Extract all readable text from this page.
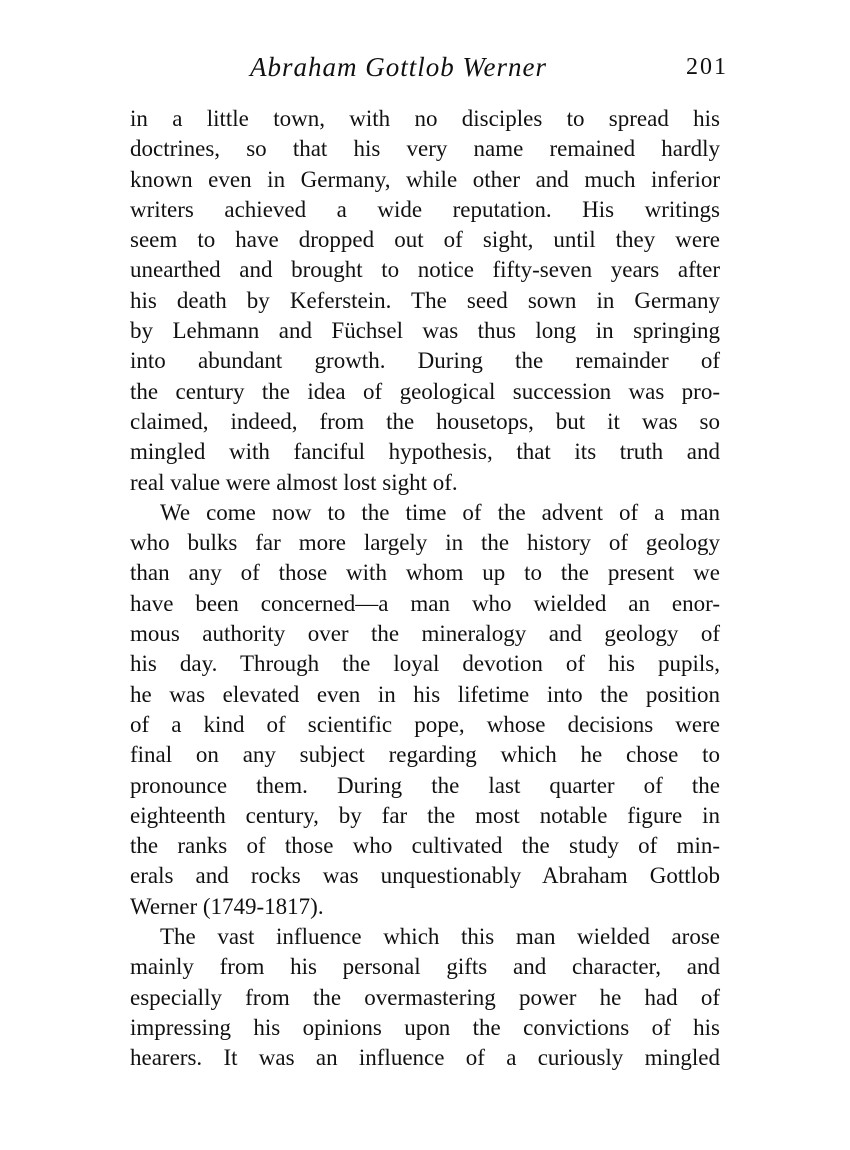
Abraham Gottlob Werner	201
in a little town, with no disciples to spread his
doctrines, so that his very name remained hardly
known even in Germany, while other and much inferior
writers achieved a wide reputation. His writings
seem to have dropped out of sight, until they were
unearthed and brought to notice fifty-seven years after
his death by Keferstein. The seed sown in Germany
by Lehmann and Füchsel was thus long in springing
into abundant growth. During the remainder of
the century the idea of geological succession was pro-
claimed, indeed, from the housetops, but it was so
mingled with fanciful hypothesis, that its truth and
real value were almost lost sight of.
We come now to the time of the advent of a man
who bulks far more largely in the history of geology
than any of those with whom up to the present we
have been concerned—a man who wielded an enor-
mous authority over the mineralogy and geology of
his day. Through the loyal devotion of his pupils,
he was elevated even in his lifetime into the position
of a kind of scientific pope, whose decisions were
final on any subject regarding which he chose to
pronounce them. During the last quarter of the
eighteenth century, by far the most notable figure in
the ranks of those who cultivated the study of min-
erals and rocks was unquestionably Abraham Gottlob
Werner (1749-1817).
The vast influence which this man wielded arose
mainly from his personal gifts and character, and
especially from the overmastering power he had of
impressing his opinions upon the convictions of his
hearers. It was an influence of a curiously mingled
